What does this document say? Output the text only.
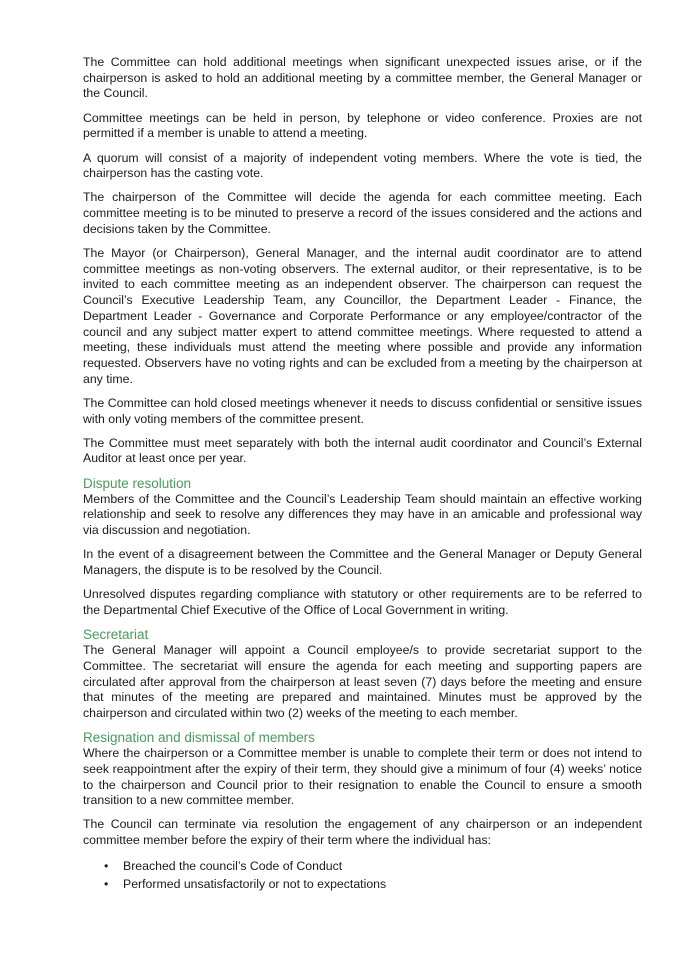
The Committee can hold additional meetings when significant unexpected issues arise, or if the chairperson is asked to hold an additional meeting by a committee member, the General Manager or the Council.

Committee meetings can be held in person, by telephone or video conference. Proxies are not permitted if a member is unable to attend a meeting.

A quorum will consist of a majority of independent voting members. Where the vote is tied, the chairperson has the casting vote.

The chairperson of the Committee will decide the agenda for each committee meeting. Each committee meeting is to be minuted to preserve a record of the issues considered and the actions and decisions taken by the Committee.

The Mayor (or Chairperson), General Manager, and the internal audit coordinator are to attend committee meetings as non-voting observers. The external auditor, or their representative, is to be invited to each committee meeting as an independent observer. The chairperson can request the Council’s Executive Leadership Team, any Councillor, the Department Leader - Finance, the Department Leader - Governance and Corporate Performance or any employee/contractor of the council and any subject matter expert to attend committee meetings. Where requested to attend a meeting, these individuals must attend the meeting where possible and provide any information requested. Observers have no voting rights and can be excluded from a meeting by the chairperson at any time.

The Committee can hold closed meetings whenever it needs to discuss confidential or sensitive issues with only voting members of the committee present.

The Committee must meet separately with both the internal audit coordinator and Council’s External Auditor at least once per year.

Dispute resolution

Members of the Committee and the Council’s Leadership Team should maintain an effective working relationship and seek to resolve any differences they may have in an amicable and professional way via discussion and negotiation.

In the event of a disagreement between the Committee and the General Manager or Deputy General Managers, the dispute is to be resolved by the Council.

Unresolved disputes regarding compliance with statutory or other requirements are to be referred to the Departmental Chief Executive of the Office of Local Government in writing.

Secretariat

The General Manager will appoint a Council employee/s to provide secretariat support to the Committee. The secretariat will ensure the agenda for each meeting and supporting papers are circulated after approval from the chairperson at least seven (7) days before the meeting and ensure that minutes of the meeting are prepared and maintained. Minutes must be approved by the chairperson and circulated within two (2) weeks of the meeting to each member.

Resignation and dismissal of members

Where the chairperson or a Committee member is unable to complete their term or does not intend to seek reappointment after the expiry of their term, they should give a minimum of four (4) weeks’ notice to the chairperson and Council prior to their resignation to enable the Council to ensure a smooth transition to a new committee member.

The Council can terminate via resolution the engagement of any chairperson or an independent committee member before the expiry of their term where the individual has:

• Breached the council’s Code of Conduct
• Performed unsatisfactorily or not to expectations
